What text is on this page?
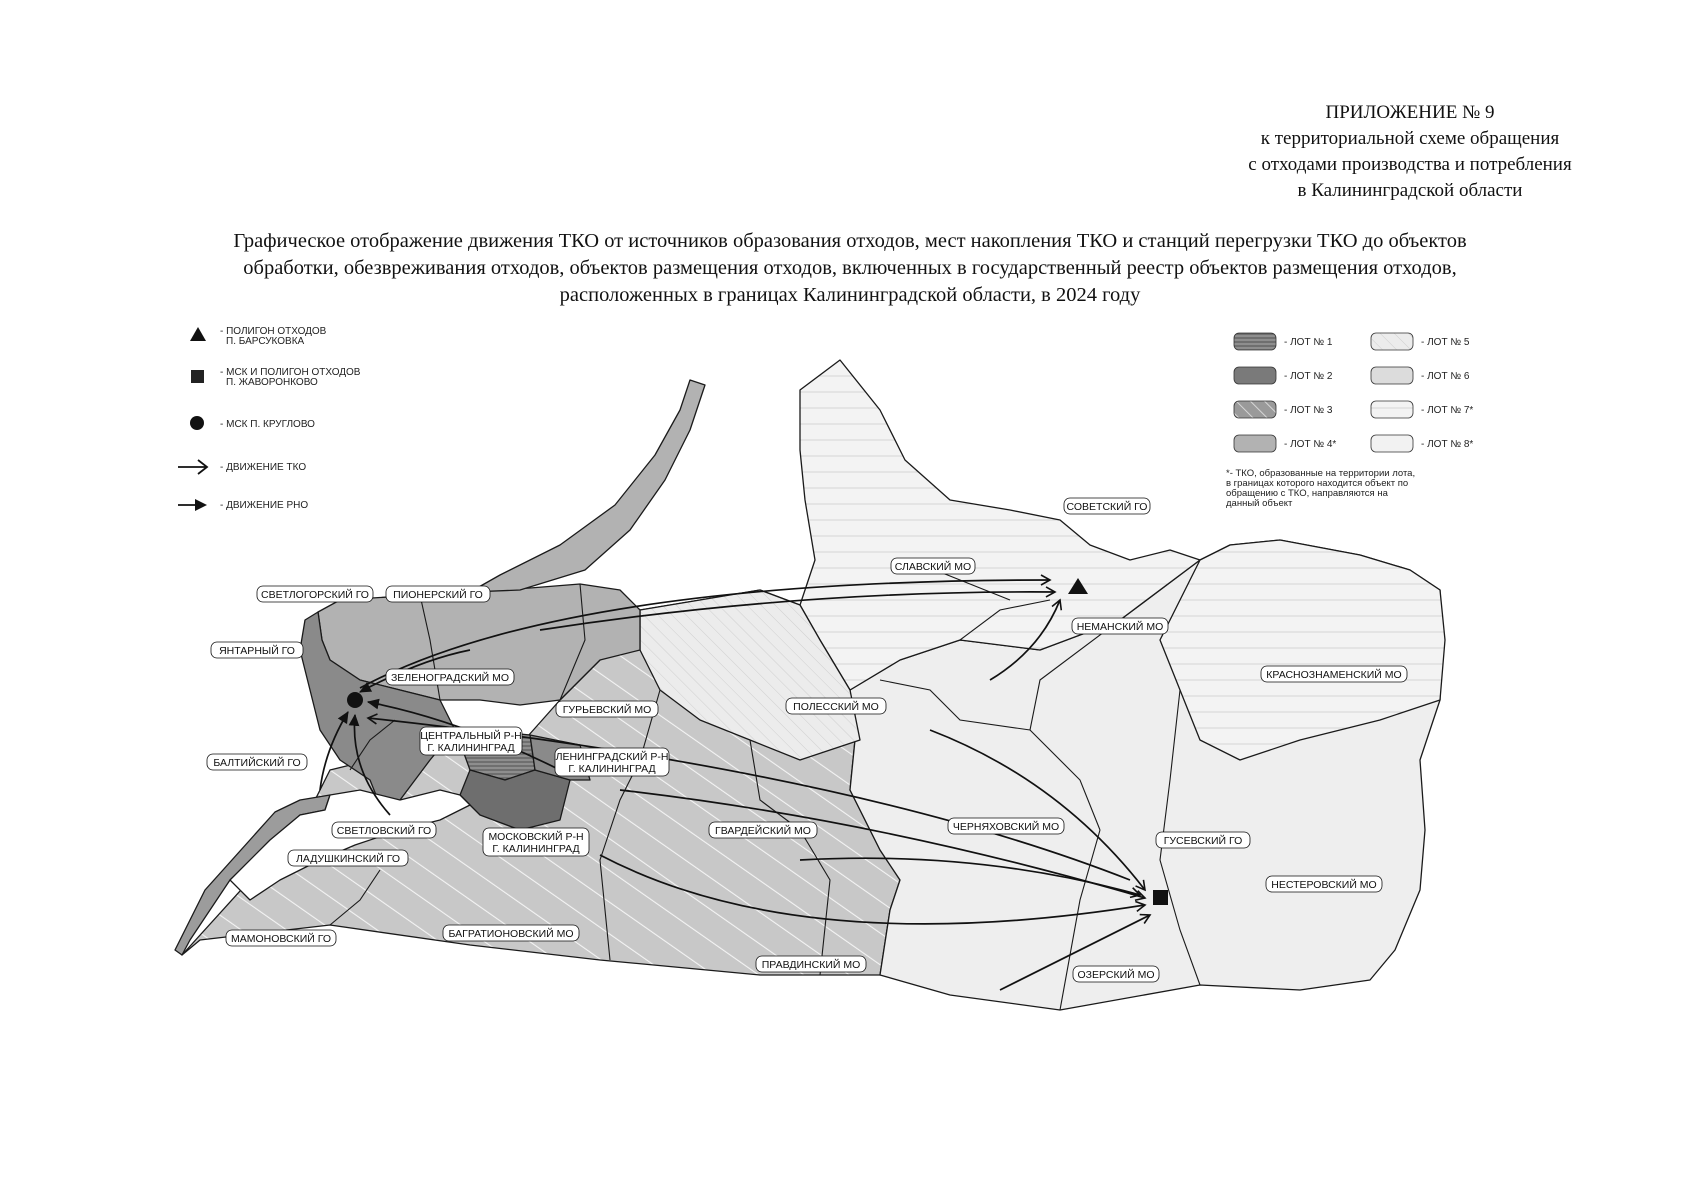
ПРИЛОЖЕНИЕ № 9
к территориальной схеме обращения
с отходами производства и потребления
в Калининградской области
Графическое отображение движения ТКО от источников образования отходов, мест накопления ТКО и станций перегрузки ТКО до объектов
обработки, обезвреживания отходов, объектов размещения отходов, включенных в государственный реестр объектов размещения отходов,
расположенных в границах Калининградской области, в 2024 году
СОВЕТСКИЙ ГО
СЛАВСКИЙ МО
НЕМАНСКИЙ МО
КРАСНОЗНАМЕНСКИЙ МО
СВЕТЛОГОРСКИЙ ГО ПИОНЕРСКИЙ ГО
ЯНТАРНЫЙ ГО
ЗЕЛЕНОГРАДСКИЙ МО
ГУРЬЕВСКИЙ МО	ПОЛЕССКИЙ МО
ЦЕНТРАЛЬНЫЙ Р-Н
Г. КАЛИНИНГРАД
ЛЕНИНГРАДСКИЙ Р-Н
Г. КАЛИНИНГРАД
БАЛТИЙСКИЙ ГО
СВЕТЛОВСКИЙ ГО
ЛАДУШКИНСКИЙ ГО
МОСКОВСКИЙ Р-Н
Г. КАЛИНИНГРАД
ГВАРДЕЙСКИЙ МО	ЧЕРНЯХОВСКИЙ МО
ГУСЕВСКИЙ ГО
НЕСТЕРОВСКИЙ МО
МАМОНОВСКИЙ ГО	БАГРАТИОНОВСКИЙ МО
ПРАВДИНСКИЙ МО
ОЗЕРСКИЙ МО
- ПОЛИГОН ОТХОДОВ
П. БАРСУКОВКА
- МСК И ПОЛИГОН ОТХОДОВ
П. ЖАВОРОНКОВО
- МСК П. КРУГЛОВО
- ДВИЖЕНИЕ ТКО
- ДВИЖЕНИЕ РНО
- ЛОТ № 1
- ЛОТ № 2
- ЛОТ № 3
- ЛОТ № 4*
- ЛОТ № 5
- ЛОТ № 6
- ЛОТ № 7*
- ЛОТ № 8*
*- ТКО, образованные на территории лота,
в границах которого находится объект по
обращению с ТКО, направляются на
данный объект
